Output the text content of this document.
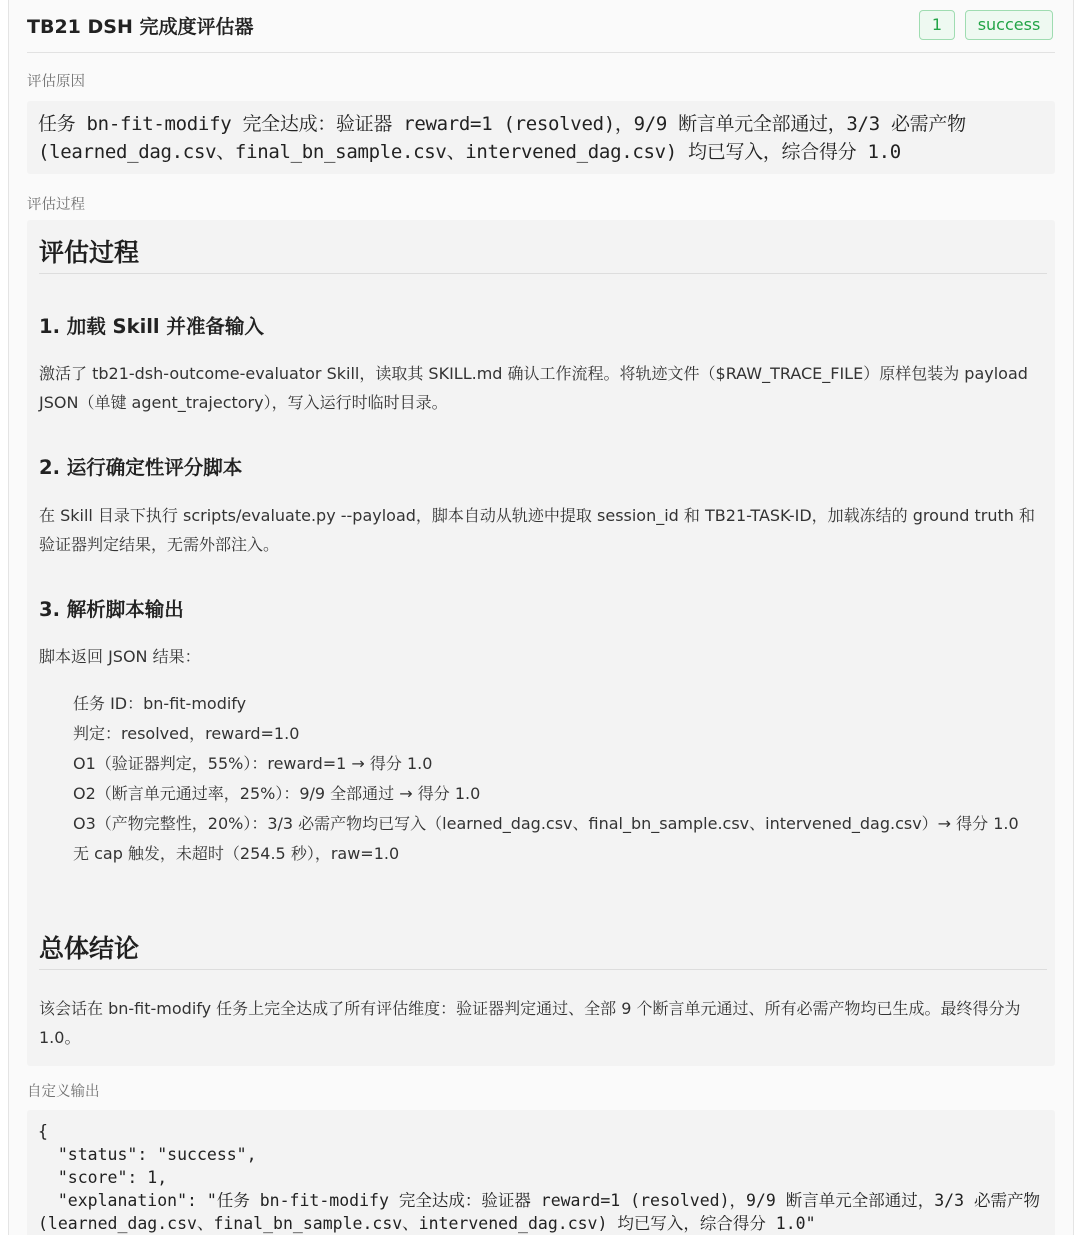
TB21 DSH 完成度评估器	1	success
评估原因
任务 bn-fit-modify 完全达成：验证器 reward=1 (resolved)，9/9 断言单元全部通过，3/3 必需产物 (learned_dag.csv、final_bn_sample.csv、intervened_dag.csv) 均已写入，综合得分 1.0
评估过程
评估过程
1. 加载 Skill 并准备输入
激活了 tb21-dsh-outcome-evaluator Skill，读取其 SKILL.md 确认工作流程。将轨迹文件（$RAW_TRACE_FILE）原样包装为 payload JSON（单键 agent_trajectory），写入运行时临时目录。
2. 运行确定性评分脚本
在 Skill 目录下执行 scripts/evaluate.py --payload，脚本自动从轨迹中提取 session_id 和 TB21-TASK-ID，加载冻结的 ground truth 和验证器判定结果，无需外部注入。
3. 解析脚本输出
脚本返回 JSON 结果：
任务 ID：bn-fit-modify
判定：resolved，reward=1.0
O1（验证器判定，55%）：reward=1 → 得分 1.0
O2（断言单元通过率，25%）：9/9 全部通过 → 得分 1.0
O3（产物完整性，20%）：3/3 必需产物均已写入（learned_dag.csv、final_bn_sample.csv、intervened_dag.csv）→ 得分 1.0
无 cap 触发，未超时（254.5 秒），raw=1.0
总体结论
该会话在 bn-fit-modify 任务上完全达成了所有评估维度：验证器判定通过、全部 9 个断言单元通过、所有必需产物均已生成。最终得分为 1.0。
自定义输出
{
"status": "success",
"score": 1,
"explanation": "任务 bn-fit-modify 完全达成：验证器 reward=1 (resolved)，9/9 断言单元全部通过，3/3 必需产物 (learned_dag.csv、final_bn_sample.csv、intervened_dag.csv) 均已写入，综合得分 1.0"
